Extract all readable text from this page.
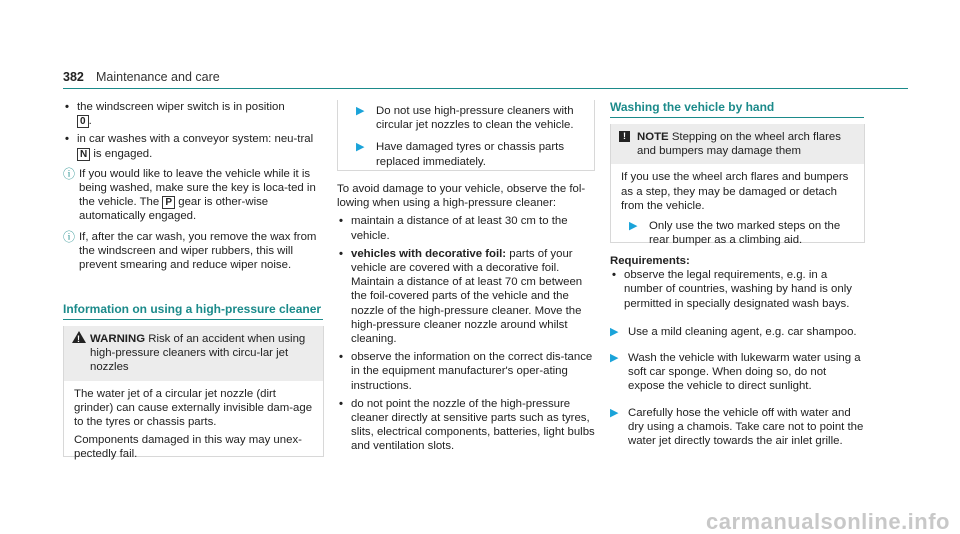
382 Maintenance and care
• the windscreen wiper switch is in position
0 .
• in car washes with a conveyor system: neu-tral N is engaged.
ⓘ If you would like to leave the vehicle while it is being washed, make sure the key is loca-ted in the vehicle. The P gear is other-wise automatically engaged.
ⓘ If, after the car wash, you remove the wax from the windscreen and wiper rubbers, this will prevent smearing and reduce wiper noise.
Information on using a high-pressure cleaner
!
WARNING Risk of an accident when using high-pressure cleaners with circu-lar jet nozzles

The water jet of a circular jet nozzle (dirt grinder) can cause externally invisible dam-age to the tyres or chassis parts.

Components damaged in this way may unex-pectedly fail.

▶ Do not use high-pressure cleaners with circular jet nozzles to clean the vehicle.
▶ Have damaged tyres or chassis parts replaced immediately.

To avoid damage to your vehicle, observe the fol-lowing when using a high-pressure cleaner:

• maintain a distance of at least 30 cm to the vehicle.
• vehicles with decorative foil: parts of your vehicle are covered with a decorative foil. Maintain a distance of at least 70 cm between the foil-covered parts of the vehicle and the nozzle of the high-pressure cleaner. Move the high-pressure cleaner nozzle around whilst cleaning.
• observe the information on the correct dis-tance in the equipment manufacturer's oper-ating instructions.
• do not point the nozzle of the high-pressure cleaner directly at sensitive parts such as tyres, slits, electrical components, batteries, light bulbs and ventilation slots.
Washing the vehicle by hand
! NOTE Stepping on the wheel arch flares and bumpers may damage them

If you use the wheel arch flares and bumpers as a step, they may be damaged or detach from the vehicle.

▶ Only use the two marked steps on the rear bumper as a climbing aid.
Requirements:
• observe the legal requirements, e.g. in a number of countries, washing by hand is only permitted in specially designated wash bays.
▶ Use a mild cleaning agent, e.g. car shampoo.
▶ Wash the vehicle with lukewarm water using a soft car sponge. When doing so, do not expose the vehicle to direct sunlight.
▶ Carefully hose the vehicle off with water and dry using a chamois. Take care not to point the water jet directly towards the air inlet grille.
carmanualsonline.info
